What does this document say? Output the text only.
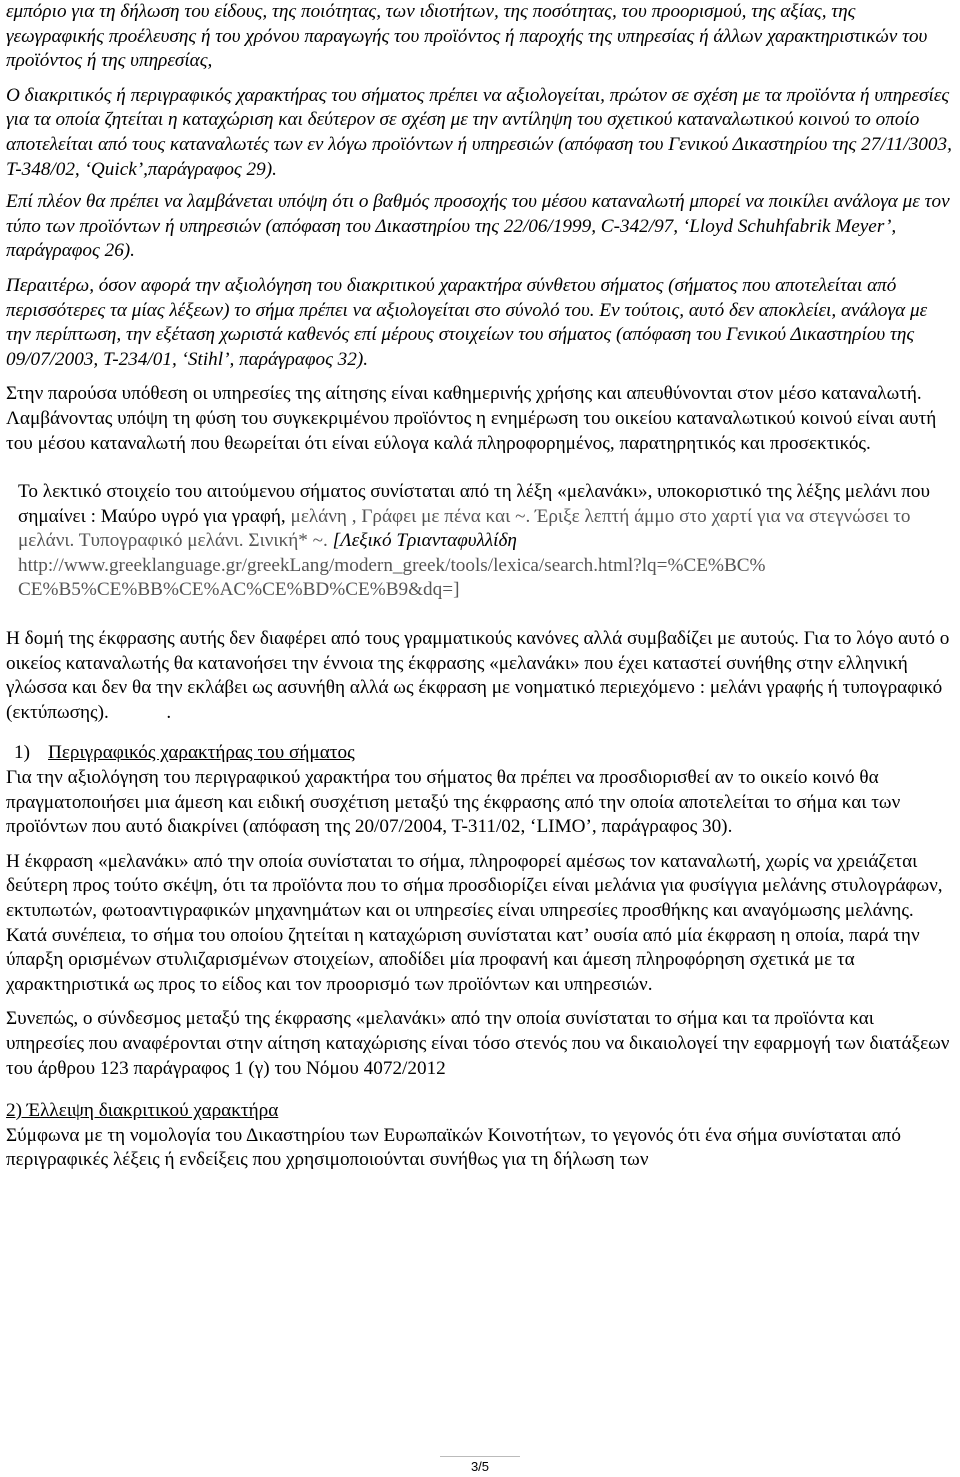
εμπόριο για τη δήλωση του είδους, της ποιότητας, των ιδιοτήτων, της ποσότητας, του προορισμού, της αξίας, της γεωγραφικής προέλευσης ή του χρόνου παραγωγής του προϊόντος ή παροχής της υπηρεσίας ή άλλων χαρακτηριστικών του προϊόντος ή της υπηρεσίας,

Ο διακριτικός ή περιγραφικός χαρακτήρας του σήματος πρέπει να αξιολογείται, πρώτον σε σχέση με τα προϊόντα ή υπηρεσίες για τα οποία ζητείται η καταχώριση και δεύτερον σε σχέση με την αντίληψη του σχετικού καταναλωτικού κοινού το οποίο αποτελείται από τους καταναλωτές των εν λόγω προϊόντων ή υπηρεσιών (απόφαση του Γενικού Δικαστηρίου της 27/11/3003, Τ-348/02, ‘Quick’,παράγραφος 29).

Επί πλέον θα πρέπει να λαμβάνεται υπόψη ότι ο βαθμός προσοχής του μέσου καταναλωτή μπορεί να ποικίλει ανάλογα με τον τύπο των προϊόντων ή υπηρεσιών (απόφαση του Δικαστηρίου της 22/06/1999, C-342/97, ‘Lloyd Schuhfabrik Meyer’, παράγραφος 26).

Περαιτέρω, όσον αφορά την αξιολόγηση του διακριτικού χαρακτήρα σύνθετου σήματος (σήματος που αποτελείται από περισσότερες τα μίας λέξεων) το σήμα πρέπει να αξιολογείται στο σύνολό του. Εν τούτοις, αυτό δεν αποκλείει, ανάλογα με την περίπτωση, την εξέταση χωριστά καθενός επί μέρους στοιχείων του σήματος (απόφαση του Γενικού Δικαστηρίου της 09/07/2003, Τ-234/01, ‘Stihl’, παράγραφος 32).

Στην παρούσα υπόθεση οι υπηρεσίες της αίτησης είναι καθημερινής χρήσης και απευθύνονται στον μέσο καταναλωτή. Λαμβάνοντας υπόψη τη φύση του συγκεκριμένου προϊόντος η ενημέρωση του οικείου καταναλωτικού κοινού είναι αυτή του μέσου καταναλωτή που θεωρείται ότι είναι εύλογα καλά πληροφορημένος, παρατηρητικός και προσεκτικός.

Το λεκτικό στοιχείο του αιτούμενου σήματος συνίσταται από τη λέξη «μελανάκι», υποκοριστικό της λέξης μελάνι που σημαίνει : Μαύρο υγρό για γραφή, μελάνη , Γράφει με πένα και ~. Έριξε λεπτή άμμο στο χαρτί για να στεγνώσει το μελάνι. Τυπογραφικό μελάνι. Σινική* ~. [Λεξικό Τριανταφυλλίδη
http://www.greeklanguage.gr/greekLang/modern_greek/tools/lexica/search.html?lq=%CE%BC% CE%B5%CE%BB%CE%AC%CE%BD%CE%B9&dq=]

Η δομή της έκφρασης αυτής δεν διαφέρει από τους γραμματικούς κανόνες αλλά συμβαδίζει με αυτούς. Για το λόγο αυτό ο οικείος καταναλωτής θα κατανοήσει την έννοια της έκφρασης «μελανάκι» που έχει καταστεί συνήθης στην ελληνική γλώσσα και δεν θα την εκλάβει ως ασυνήθη αλλά ως έκφραση με νοηματικό περιεχόμενο : μελάνι γραφής ή τυπογραφικό (εκτύπωσης).            .

1) Περιγραφικός χαρακτήρας του σήματος

Για την αξιολόγηση του περιγραφικού χαρακτήρα του σήματος θα πρέπει να προσδιορισθεί αν το οικείο κοινό θα πραγματοποιήσει μια άμεση και ειδική συσχέτιση μεταξύ της έκφρασης από την οποία αποτελείται το σήμα και των προϊόντων που αυτό διακρίνει (απόφαση της 20/07/2004, Τ-311/02, ‘LIMO’, παράγραφος 30).

Η έκφραση «μελανάκι» από την οποία συνίσταται το σήμα, πληροφορεί αμέσως τον καταναλωτή, χωρίς να χρειάζεται δεύτερη προς τούτο σκέψη, ότι τα προϊόντα που το σήμα προσδιορίζει είναι μελάνια για φυσίγγια μελάνης στυλογράφων, εκτυπωτών, φωτοαντιγραφικών μηχανημάτων και οι υπηρεσίες είναι υπηρεσίες προσθήκης και αναγόμωσης μελάνης. Κατά συνέπεια, το σήμα του οποίου ζητείται η καταχώριση συνίσταται κατ’ ουσία από μία έκφραση η οποία, παρά την ύπαρξη ορισμένων στυλιζαρισμένων στοιχείων, αποδίδει μία προφανή και άμεση πληροφόρηση σχετικά με τα χαρακτηριστικά ως προς το είδος και τον προορισμό των προϊόντων και υπηρεσιών.

Συνεπώς, ο σύνδεσμος μεταξύ της έκφρασης «μελανάκι» από την οποία συνίσταται το σήμα και τα προϊόντα και υπηρεσίες που αναφέρονται στην αίτηση καταχώρισης είναι τόσο στενός που να δικαιολογεί την εφαρμογή των διατάξεων του άρθρου 123 παράγραφος 1 (γ) του Νόμου 4072/2012

2) Έλλειψη διακριτικού χαρακτήρα

Σύμφωνα με τη νομολογία του Δικαστηρίου των Ευρωπαϊκών Κοινοτήτων, το γεγονός ότι ένα σήμα συνίσταται από περιγραφικές λέξεις ή ενδείξεις που χρησιμοποιούνται συνήθως για τη δήλωση των

3/5
